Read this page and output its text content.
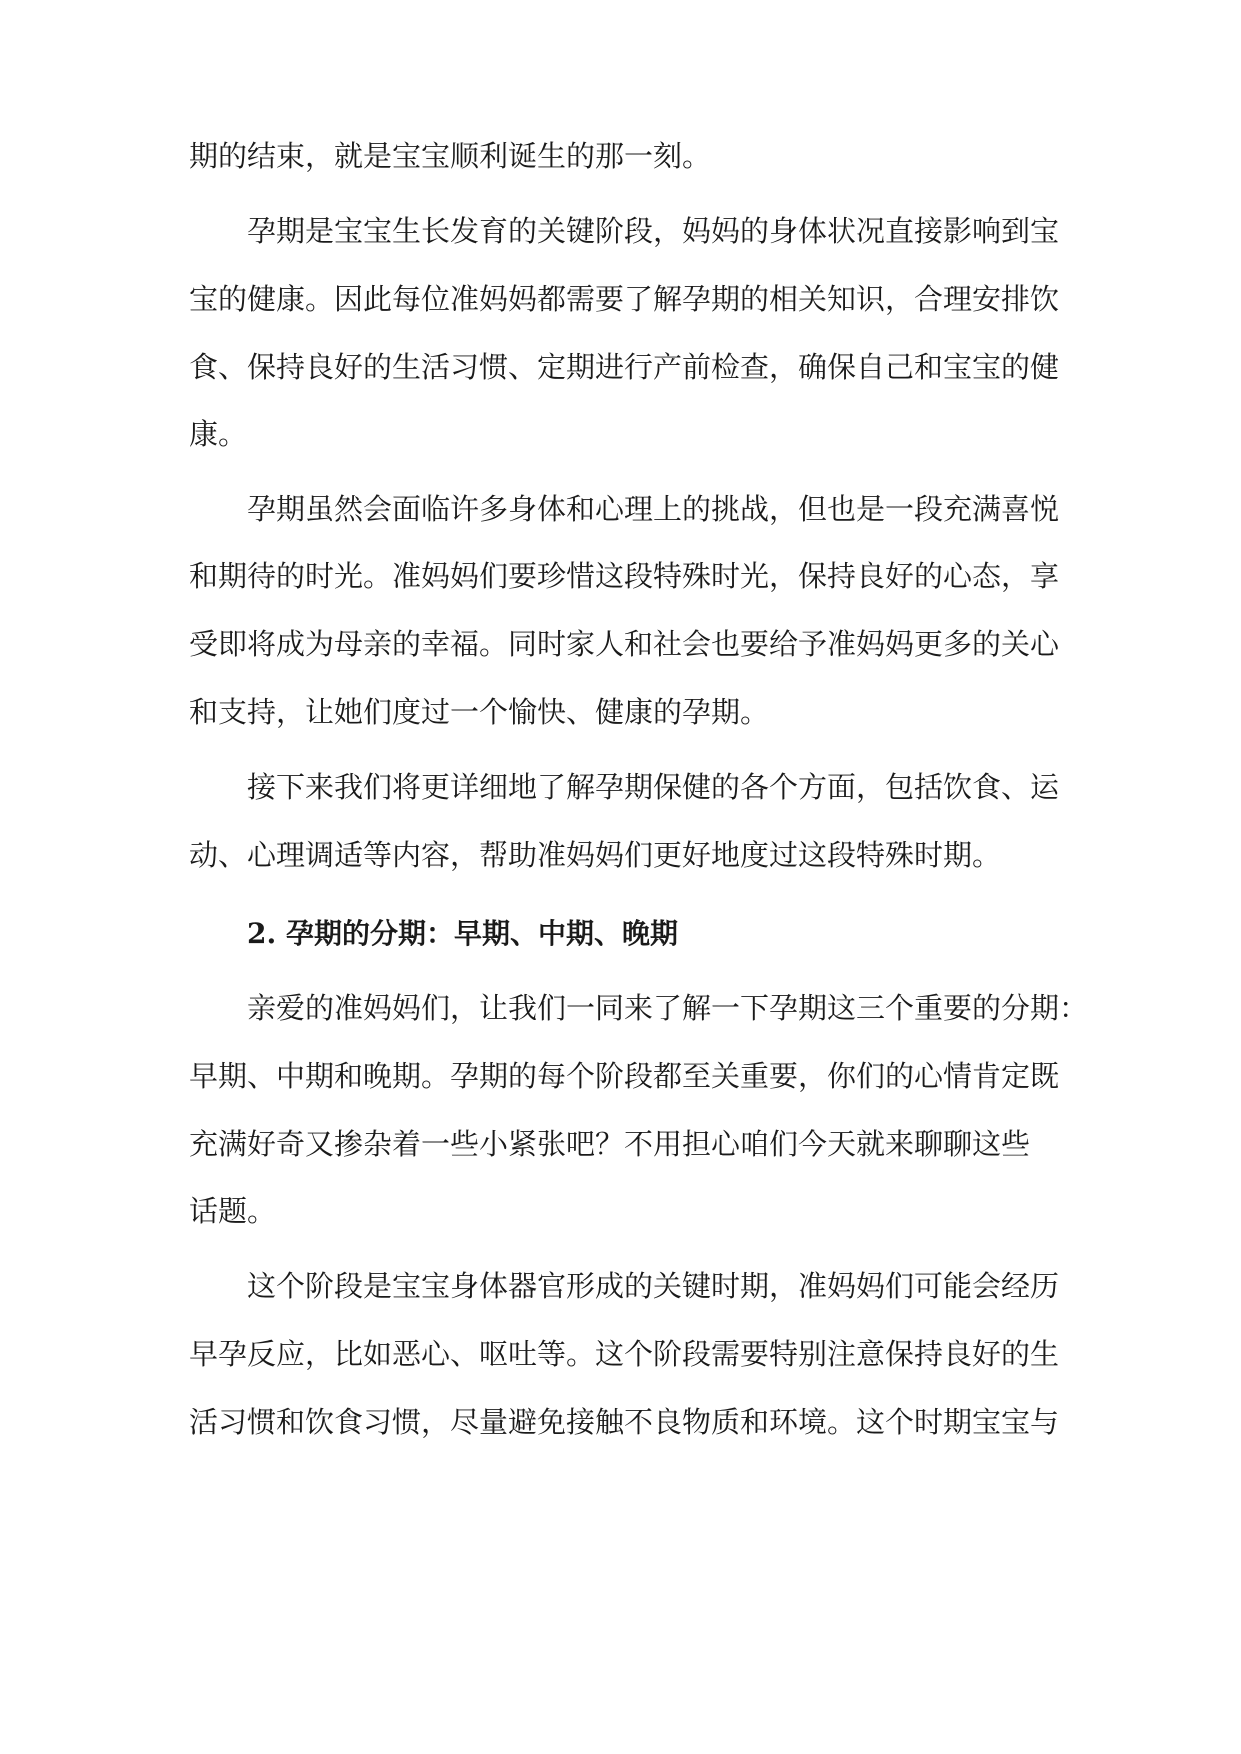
期的结束，就是宝宝顺利诞生的那一刻。
孕期是宝宝生长发育的关键阶段，妈妈的身体状况直接影响到宝
宝的健康。因此每位准妈妈都需要了解孕期的相关知识，合理安排饮
食、保持良好的生活习惯、定期进行产前检查，确保自己和宝宝的健
康。
孕期虽然会面临许多身体和心理上的挑战，但也是一段充满喜悦
和期待的时光。准妈妈们要珍惜这段特殊时光，保持良好的心态，享
受即将成为母亲的幸福。同时家人和社会也要给予准妈妈更多的关心
和支持，让她们度过一个愉快、健康的孕期。
接下来我们将更详细地了解孕期保健的各个方面，包括饮食、运
动、心理调适等内容，帮助准妈妈们更好地度过这段特殊时期。
2. 孕期的分期：早期、中期、晚期
亲爱的准妈妈们，让我们一同来了解一下孕期这三个重要的分期：
早期、中期和晚期。孕期的每个阶段都至关重要，你们的心情肯定既
充满好奇又掺杂着一些小紧张吧？不用担心咱们今天就来聊聊这些
话题。
这个阶段是宝宝身体器官形成的关键时期，准妈妈们可能会经历
早孕反应，比如恶心、呕吐等。这个阶段需要特别注意保持良好的生
活习惯和饮食习惯，尽量避免接触不良物质和环境。这个时期宝宝与
